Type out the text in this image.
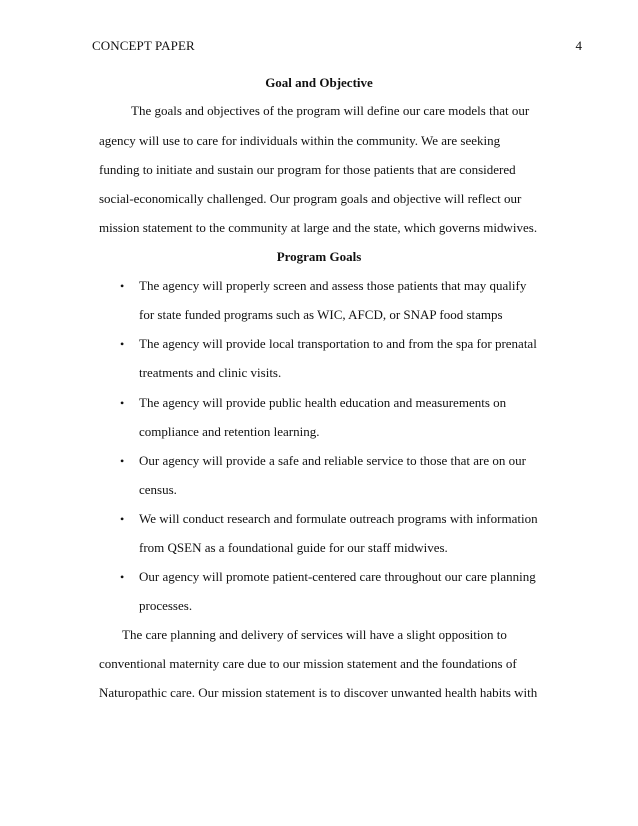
CONCEPT PAPER	4
Goal and Objective
The goals and objectives of the program will define our care models that our
agency will use to care for individuals within the community. We are seeking
funding to initiate and sustain our program for those patients that are considered
social-economically challenged. Our program goals and objective will reflect our
mission statement to the community at large and the state, which governs midwives.
Program Goals
• The agency will properly screen and assess those patients that may qualify
for state funded programs such as WIC, AFCD, or SNAP food stamps
• The agency will provide local transportation to and from the spa for prenatal
treatments and clinic visits.
• The agency will provide public health education and measurements on
compliance and retention learning.
• Our agency will provide a safe and reliable service to those that are on our
census.
• We will conduct research and formulate outreach programs with information
from QSEN as a foundational guide for our staff midwives.
• Our agency will promote patient-centered care throughout our care planning
processes.
The care planning and delivery of services will have a slight opposition to
conventional maternity care due to our mission statement and the foundations of
Naturopathic care. Our mission statement is to discover unwanted health habits with
